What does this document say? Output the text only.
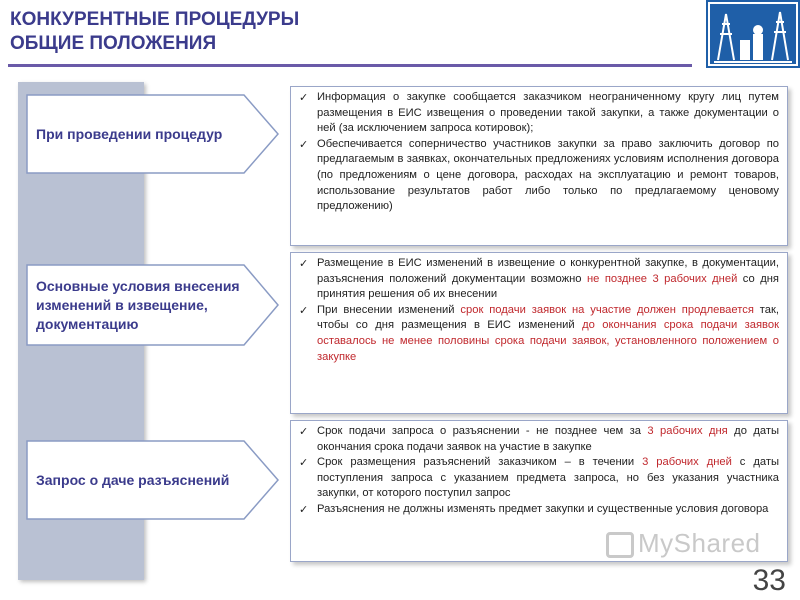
КОНКУРЕНТНЫЕ ПРОЦЕДУРЫ
ОБЩИЕ ПОЛОЖЕНИЯ
При проведении процедур
Основные условия внесения изменений в извещение, документацию
Запрос о даче разъяснений
✓ Информация о закупке сообщается заказчиком неограниченному кругу лиц путем размещения в ЕИС извещения о проведении такой закупки, а также документации о ней (за исключением запроса котировок);
✓ Обеспечивается соперничество участников закупки за право заключить договор по предлагаемым в заявках, окончательных предложениях условиям исполнения договора (по предложениям о цене договора, расходах на эксплуатацию и ремонт товаров, использование результатов работ либо только по предлагаемому ценовому предложению)
✓ Размещение в ЕИС изменений в извещение о конкурентной закупке, в документации, разъяснения положений документации возможно не позднее 3 рабочих дней со дня принятия решения об их внесении
✓ При внесении изменений срок подачи заявок на участие должен продлевается так, чтобы со дня размещения в ЕИС изменений до окончания срока подачи заявок оставалось не менее половины срока подачи заявок, установленного положением о закупке
✓ Срок подачи запроса о разъяснении - не позднее чем за 3 рабочих дня до даты окончания срока подачи заявок на участие в закупке
✓ Срок размещения разъяснений заказчиком – в течении 3 рабочих дней с даты поступления запроса с указанием предмета запроса, но без указания участника закупки, от которого поступил запрос
✓ Разъяснения не должны изменять предмет закупки и существенные условия договора
MyShared
33
